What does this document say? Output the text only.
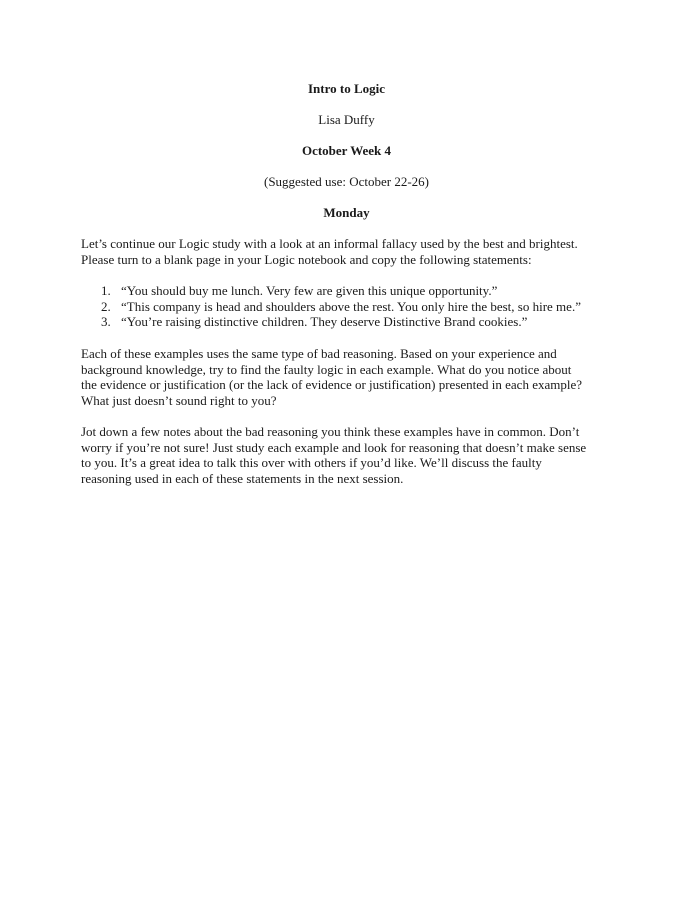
Intro to Logic
Lisa Duffy
October Week 4
(Suggested use: October 22-26)
Monday
Let’s continue our Logic study with a look at an informal fallacy used by the best and brightest.
Please turn to a blank page in your Logic notebook and copy the following statements:
1. “You should buy me lunch. Very few are given this unique opportunity.”
2. “This company is head and shoulders above the rest. You only hire the best, so hire me.”
3. “You’re raising distinctive children. They deserve Distinctive Brand cookies.”
Each of these examples uses the same type of bad reasoning. Based on your experience and
background knowledge, try to find the faulty logic in each example. What do you notice about
the evidence or justification (or the lack of evidence or justification) presented in each example?
What just doesn’t sound right to you?
Jot down a few notes about the bad reasoning you think these examples have in common. Don’t
worry if you’re not sure! Just study each example and look for reasoning that doesn’t make sense
to you. It’s a great idea to talk this over with others if you’d like. We’ll discuss the faulty
reasoning used in each of these statements in the next session.
